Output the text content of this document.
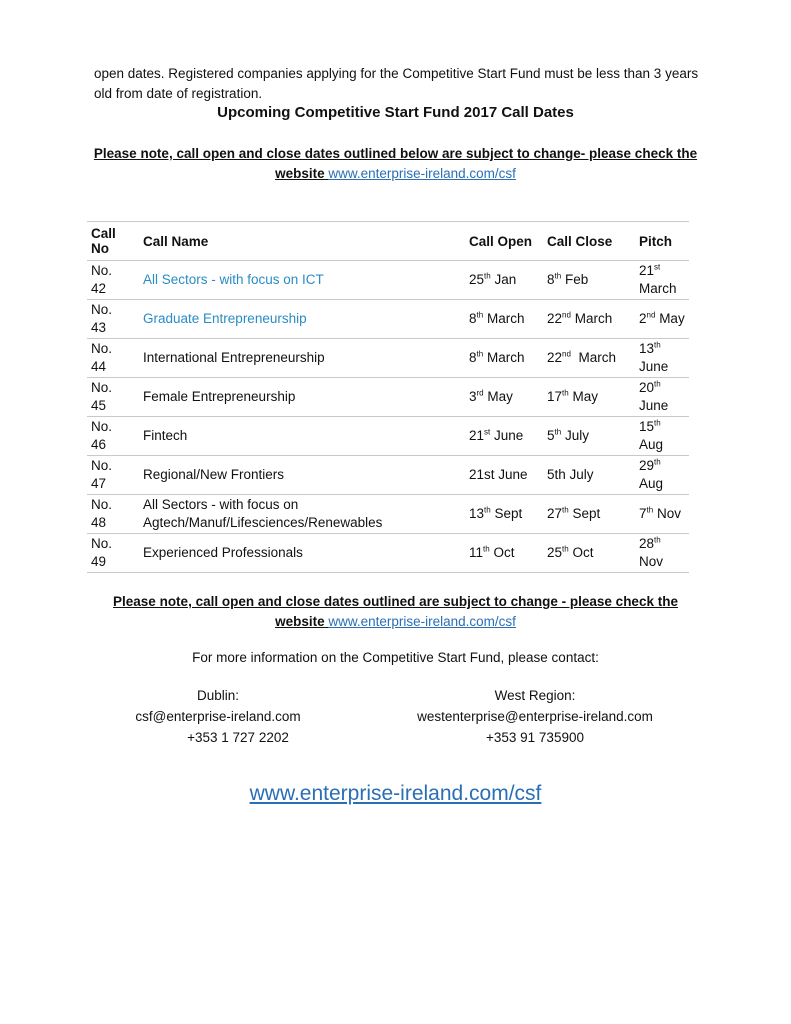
open dates. Registered companies applying for the Competitive Start Fund must be less than 3 years old from date of registration.
Upcoming Competitive Start Fund 2017 Call Dates
Please note, call open and close dates outlined below are subject to change- please check the
website www.enterprise-ireland.com/csf
Call
No	Call Name	Call Open	Call Close	Pitch
No.
42	All Sectors - with focus on ICT	25th Jan	8th Feb	21st
March
No.
43	Graduate Entrepreneurship	8th March	22nd March	2nd May
No.
44	International Entrepreneurship	8th March	22nd March	13th
June
No.
45	Female Entrepreneurship	3rd May	17th May	20th
June
No.
46	Fintech	21st June	5th July	15th Aug
No.
47	Regional/New Frontiers	21st June	5th July	29th Aug
No.
48	All Sectors - with focus on
Agtech/Manuf/Lifesciences/Renewables	13th Sept	27th Sept	7th Nov
No.
49	Experienced Professionals	11th Oct	25th Oct	28th
Nov
Please note, call open and close dates outlined are subject to change - please check the
website www.enterprise-ireland.com/csf
For more information on the Competitive Start Fund, please contact:
Dublin:
csf@enterprise-ireland.com
+353 1 727 2202
West Region:
westenterprise@enterprise-ireland.com
+353 91 735900
www.enterprise-ireland.com/csf
